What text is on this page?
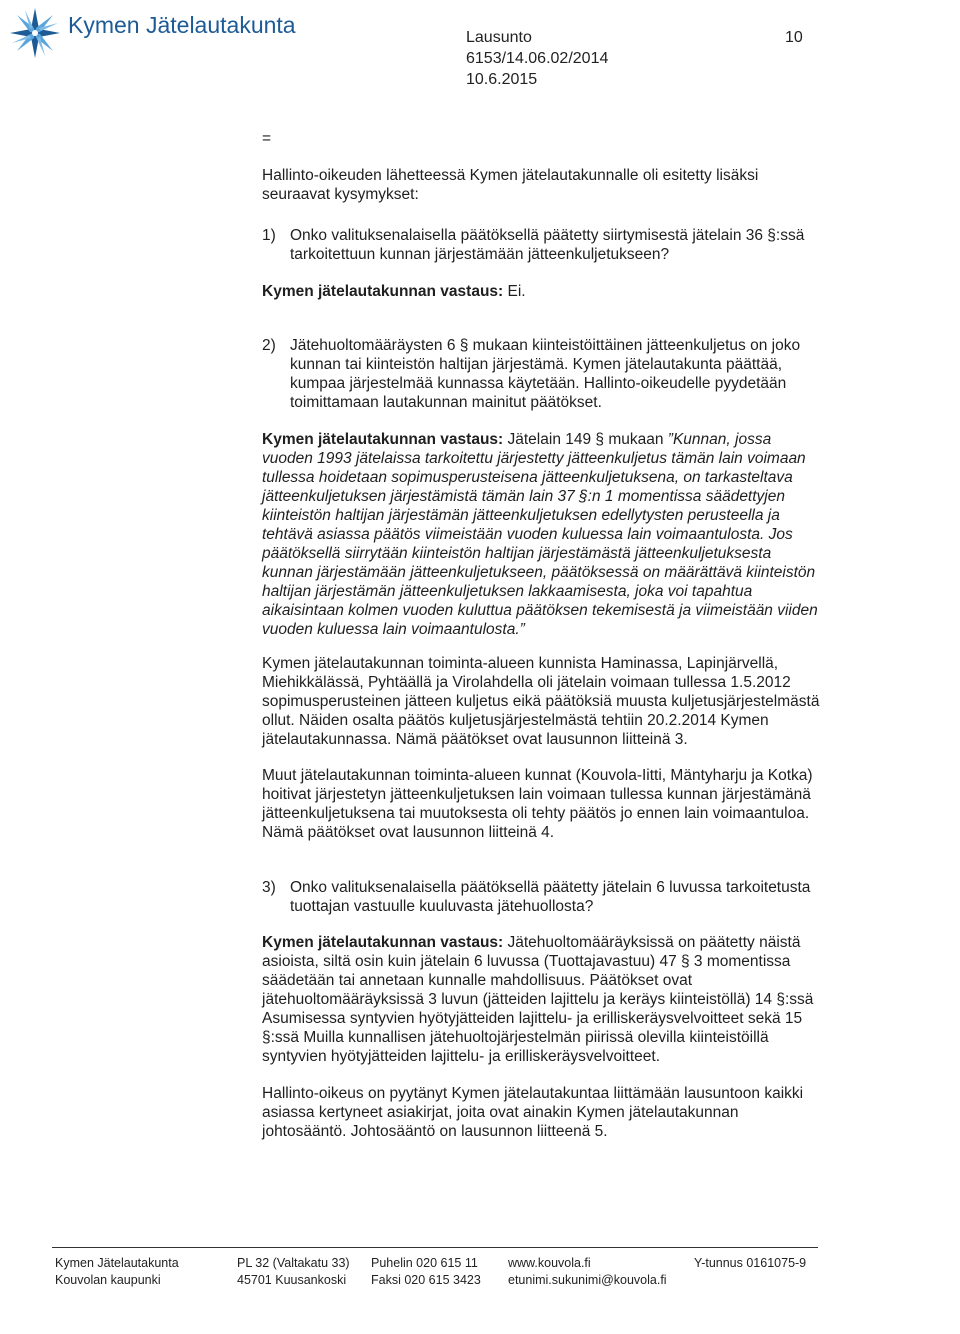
Kymen Jätelautakunta	Lausunto	10
6153/14.06.02/2014
10.6.2015
=
Hallinto-oikeuden lähetteessä Kymen jätelautakunnalle oli esitetty lisäksi seuraavat kysymykset:
1) Onko valituksenalaisella päätöksellä päätetty siirtymisestä jätelain 36 §:ssä tarkoitettuun kunnan järjestämään jätteenkuljetukseen?
Kymen jätelautakunnan vastaus: Ei.
2) Jätehuoltomääräysten 6 § mukaan kiinteistöittäinen jätteenkuljetus on joko kunnan tai kiinteistön haltijan järjestämä. Kymen jätelautakunta päättää, kumpaa järjestelmää kunnassa käytetään. Hallinto-oikeudelle pyydetään toimittamaan lautakunnan mainitut päätökset.
Kymen jätelautakunnan vastaus: Jätelain 149 § mukaan ”Kunnan, jossa vuoden 1993 jätelaissa tarkoitettu järjestetty jätteenkuljetus tämän lain voimaan tullessa hoidetaan sopimusperusteisena jätteenkuljetuksena, on tarkasteltava jätteenkuljetuksen järjestämistä tämän lain 37 §:n 1 momentissa säädettyjen kiinteistön haltijan järjestämän jätteenkuljetuksen edellytysten perusteella ja tehtävä asiassa päätös viimeistään vuoden kuluessa lain voimaantulosta. Jos päätöksellä siirrytään kiinteistön haltijan järjestämästä jätteenkuljetuksesta kunnan järjestämään jätteenkuljetukseen, päätöksessä on määrättävä kiinteistön haltijan järjestämän jätteenkuljetuksen lakkaamisesta, joka voi tapahtua aikaisintaan kolmen vuoden kuluttua päätöksen tekemisestä ja viimeistään viiden vuoden kuluessa lain voimaantulosta.”
Kymen jätelautakunnan toiminta-alueen kunnista Haminassa, Lapinjärvellä, Miehikkälässä, Pyhtäällä ja Virolahdella oli jätelain voimaan tullessa 1.5.2012 sopimusperusteinen jätteen kuljetus eikä päätöksiä muusta kuljetusjärjestelmästä ollut. Näiden osalta päätös kuljetusjärjestelmästä tehtiin 20.2.2014 Kymen jätelautakunnassa. Nämä päätökset ovat lausunnon liitteinä 3.
Muut jätelautakunnan toiminta-alueen kunnat (Kouvola-Iitti, Mäntyharju ja Kotka) hoitivat järjestetyn jätteenkuljetuksen lain voimaan tullessa kunnan järjestämänä jätteenkuljetuksena tai muutoksesta oli tehty päätös jo ennen lain voimaantuloa. Nämä päätökset ovat lausunnon liitteinä 4.
3) Onko valituksenalaisella päätöksellä päätetty jätelain 6 luvussa tarkoitetusta tuottajan vastuulle kuuluvasta jätehuollosta?
Kymen jätelautakunnan vastaus: Jätehuoltomääräyksissä on päätetty näistä asioista, siltä osin kuin jätelain 6 luvussa (Tuottajavastuu) 47 § 3 momentissa säädetään tai annetaan kunnalle mahdollisuus. Päätökset ovat jätehuoltomääräyksissä 3 luvun (jätteiden lajittelu ja keräys kiinteistöllä) 14 §:ssä Asumisessa syntyvien hyötyjätteiden lajittelu- ja erilliskeräysvelvoitteet sekä 15 §:ssä Muilla kunnallisen jätehuoltojärjestelmän piirissä olevilla kiinteistöillä syntyvien hyötyjätteiden lajittelu- ja erilliskeräysvelvoitteet.
Hallinto-oikeus on pyytänyt Kymen jätelautakuntaa liittämään lausuntoon kaikki asiassa kertyneet asiakirjat, joita ovat ainakin Kymen jätelautakunnan johtosääntö. Johtosääntö on lausunnon liitteenä 5.
Kymen Jätelautakunta
Kouvolan kaupunki
PL 32 (Valtakatu 33)
45701 Kuusankoski
Puhelin 020 615 11
Faksi 020 615 3423
www.kouvola.fi
etunimi.sukunimi@kouvola.fi
Y-tunnus 0161075-9
